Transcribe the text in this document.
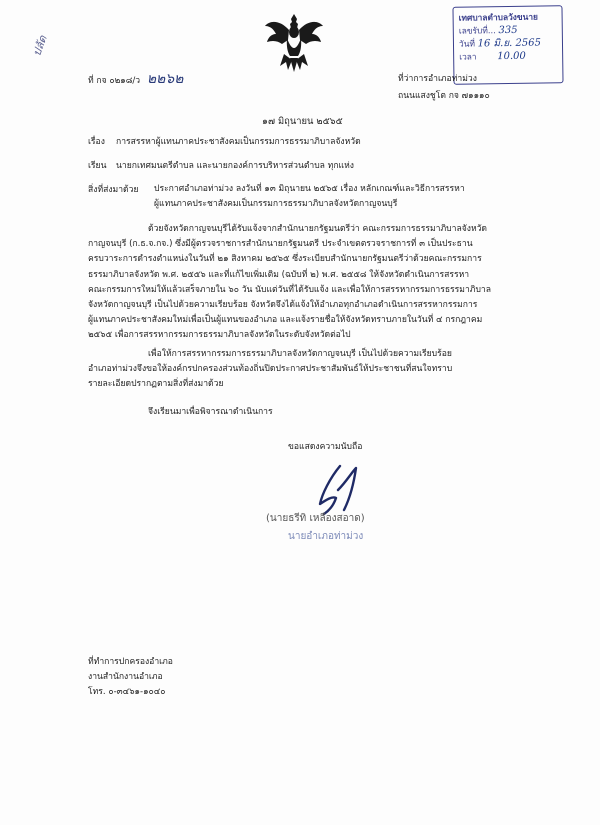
เทศบาลตำบลวังขนาย
เลขรับที่... 335
วันที่ 16 มิ.ย. 2565
เวลา 10.00
ปลัด
ที่ กจ ๐๒๑๘/ว ๒๒๖๒	ที่ว่าการอำเภอท่าม่วง
ถนนแสงชูโต กจ ๗๑๑๑๐
๑๗ มิถุนายน ๒๕๖๕
เรื่อง การสรรหาผู้แทนภาคประชาสังคมเป็นกรรมการธรรมาภิบาลจังหวัด
เรียน นายกเทศมนตรีตำบล และนายกองค์การบริหารส่วนตำบล ทุกแห่ง
สิ่งที่ส่งมาด้วย ประกาศอำเภอท่าม่วง ลงวันที่ ๑๓ มิถุนายน ๒๕๖๕ เรื่อง หลักเกณฑ์และวิธีการสรรหา
ผู้แทนภาคประชาสังคมเป็นกรรมการธรรมาภิบาลจังหวัดกาญจนบุรี
ด้วยจังหวัดกาญจนบุรีได้รับแจ้งจากสำนักนายกรัฐมนตรีว่า คณะกรรมการธรรมาภิบาลจังหวัด
กาญจนบุรี (ก.ธ.จ.กจ.) ซึ่งมีผู้ตรวจราชการสำนักนายกรัฐมนตรี ประจำเขตตรวจราชการที่ ๓ เป็นประธาน
ครบวาระการดำรงตำแหน่งในวันที่ ๒๑ สิงหาคม ๒๕๖๕ ซึ่งระเบียบสำนักนายกรัฐมนตรีว่าด้วยคณะกรรมการ
ธรรมาภิบาลจังหวัด พ.ศ. ๒๕๕๖ และที่แก้ไขเพิ่มเติม (ฉบับที่ ๒) พ.ศ. ๒๕๕๘ ให้จังหวัดดำเนินการสรรหา
คณะกรรมการใหม่ให้แล้วเสร็จภายใน ๖๐ วัน นับแต่วันที่ได้รับแจ้ง และเพื่อให้การสรรหากรรมการธรรมาภิบาล
จังหวัดกาญจนบุรี เป็นไปด้วยความเรียบร้อย จังหวัดจึงได้แจ้งให้อำเภอทุกอำเภอดำเนินการสรรหากรรมการ
ผู้แทนภาคประชาสังคมใหม่เพื่อเป็นผู้แทนของอำเภอ และแจ้งรายชื่อให้จังหวัดทราบภายในวันที่ ๔ กรกฎาคม
๒๕๖๕ เพื่อการสรรหากรรมการธรรมาภิบาลจังหวัดในระดับจังหวัดต่อไป
เพื่อให้การสรรหากรรมการธรรมาภิบาลจังหวัดกาญจนบุรี เป็นไปด้วยความเรียบร้อย
อำเภอท่าม่วงจึงขอให้องค์กรปกครองส่วนท้องถิ่นปิดประกาศประชาสัมพันธ์ให้ประชาชนที่สนใจทราบ
รายละเอียดปรากฏตามสิ่งที่ส่งมาด้วย
จึงเรียนมาเพื่อพิจารณาดำเนินการ
ขอแสดงความนับถือ
(นายธรีทิ เหลืองสอาด)
นายอำเภอท่าม่วง
ที่ทำการปกครองอำเภอ
งานสำนักงานอำเภอ
โทร. ๐-๓๔๖๑-๑๐๔๐
